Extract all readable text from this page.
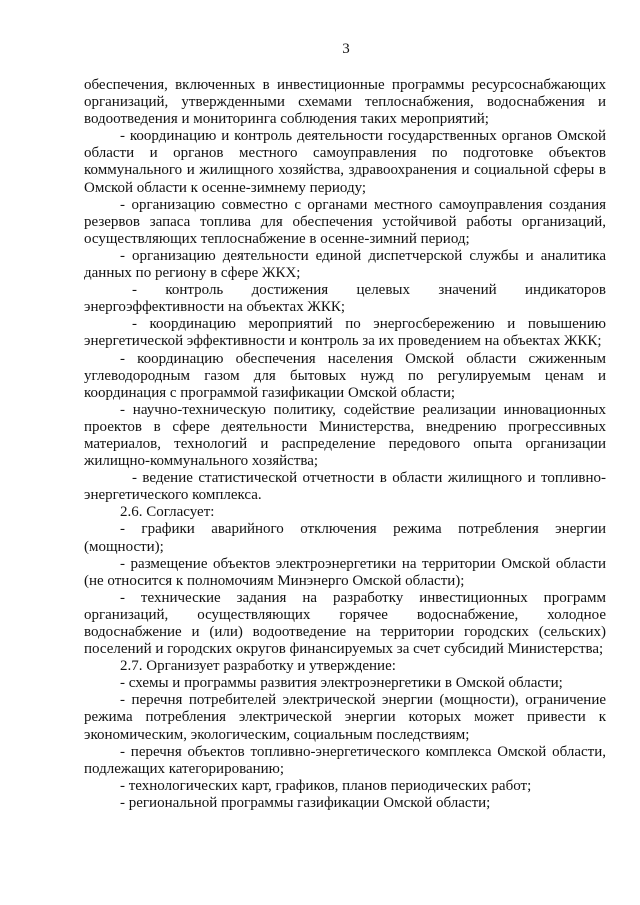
3

обеспечения, включенных в инвестиционные программы ресурсоснабжающих организаций, утвержденными схемами теплоснабжения, водоснабжения и водоотведения и мониторинга соблюдения таких мероприятий;

- координацию и контроль деятельности государственных органов Омской области и органов местного самоуправления по подготовке объектов коммунального и жилищного хозяйства, здравоохранения и социальной сферы в Омской области к осенне-зимнему периоду;

- организацию совместно с органами местного самоуправления создания резервов запаса топлива для обеспечения устойчивой работы организаций, осуществляющих теплоснабжение в осенне-зимний период;

- организацию деятельности единой диспетчерской службы и аналитика данных по региону в сфере ЖКХ;

- контроль достижения целевых значений индикаторов энергоэффективности на объектах ЖКК;

- координацию мероприятий по энергосбережению и повышению энергетической эффективности и контроль за их проведением на объектах ЖКК;

- координацию обеспечения населения Омской области сжиженным углеводородным газом для бытовых нужд по регулируемым ценам и координация с программой газификации Омской области;

- научно-техническую политику, содействие реализации инновационных проектов в сфере деятельности Министерства, внедрению прогрессивных материалов, технологий и распределение передового опыта организации жилищно-коммунального хозяйства;

- ведение статистической отчетности в области жилищного и топливно-энергетического комплекса.

2.6. Согласует:

- графики аварийного отключения режима потребления энергии (мощности);

- размещение объектов электроэнергетики на территории Омской области (не относится к полномочиям Минэнерго Омской области);

- технические задания на разработку инвестиционных программ организаций, осуществляющих горячее водоснабжение, холодное водоснабжение и (или) водоотведение на территории городских (сельских) поселений и городских округов финансируемых за счет субсидий Министерства;

2.7. Организует разработку и утверждение:

- схемы и программы развития электроэнергетики в Омской области;

- перечня потребителей электрической энергии (мощности), ограничение режима потребления электрической энергии которых может привести к экономическим, экологическим, социальным последствиям;

- перечня объектов топливно-энергетического комплекса Омской области, подлежащих категорированию;

- технологических карт, графиков, планов периодических работ;

- региональной программы газификации Омской области;
